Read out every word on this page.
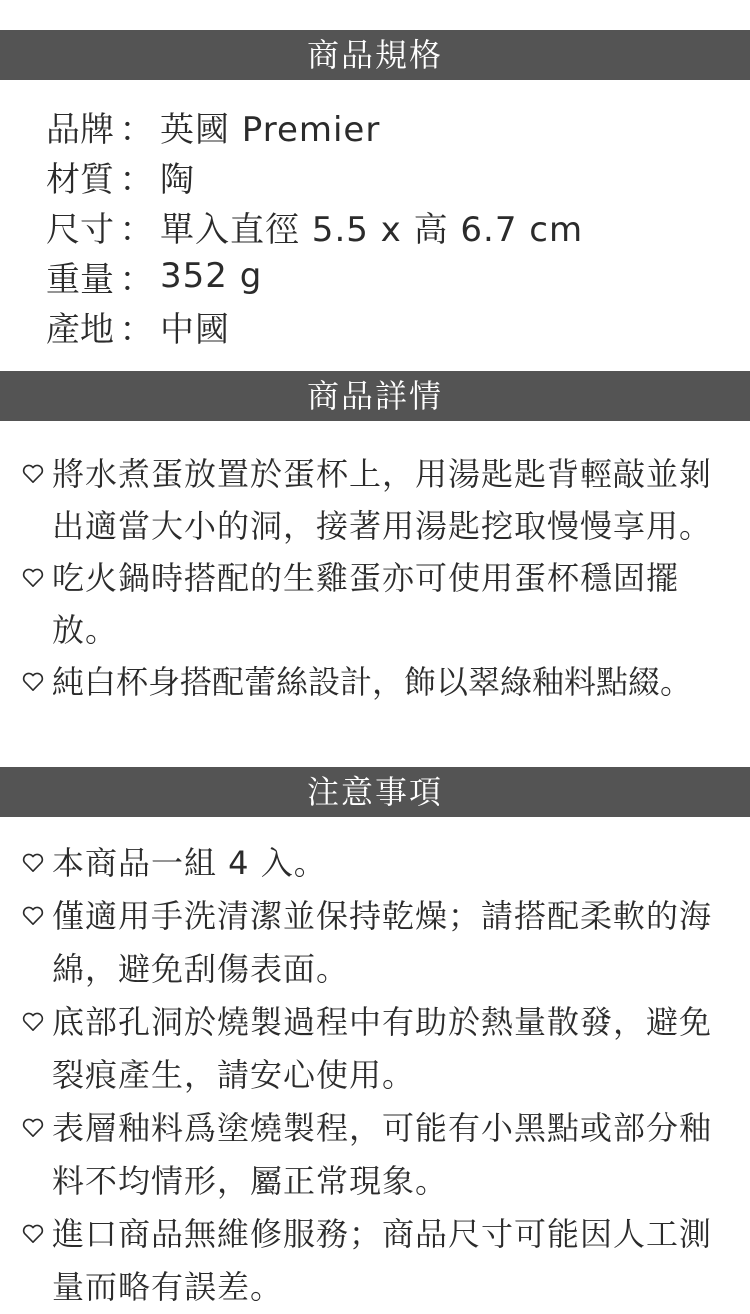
商品規格
品牌 ： 英國 Premier
材質 ： 陶
尺寸 ： 單入直徑 5.5 x 高 6.7 cm
重量 ： 352 g
產地 ： 中國
商品詳情
將水煮蛋放置於蛋杯上，用湯匙匙背輕敲並剝出適當大小的洞，接著用湯匙挖取慢慢享用。
吃火鍋時搭配的生雞蛋亦可使用蛋杯穩固擺放。
純白杯身搭配蕾絲設計，飾以翠綠釉料點綴。
注意事項
本商品一組 4 入。
僅適用手洗清潔並保持乾燥；請搭配柔軟的海綿，避免刮傷表面。
底部孔洞於燒製過程中有助於熱量散發，避免裂痕產生，請安心使用。
表層釉料爲塗燒製程，可能有小黑點或部分釉料不均情形，屬正常現象。
進口商品無維修服務；商品尺寸可能因人工測量而略有誤差。
